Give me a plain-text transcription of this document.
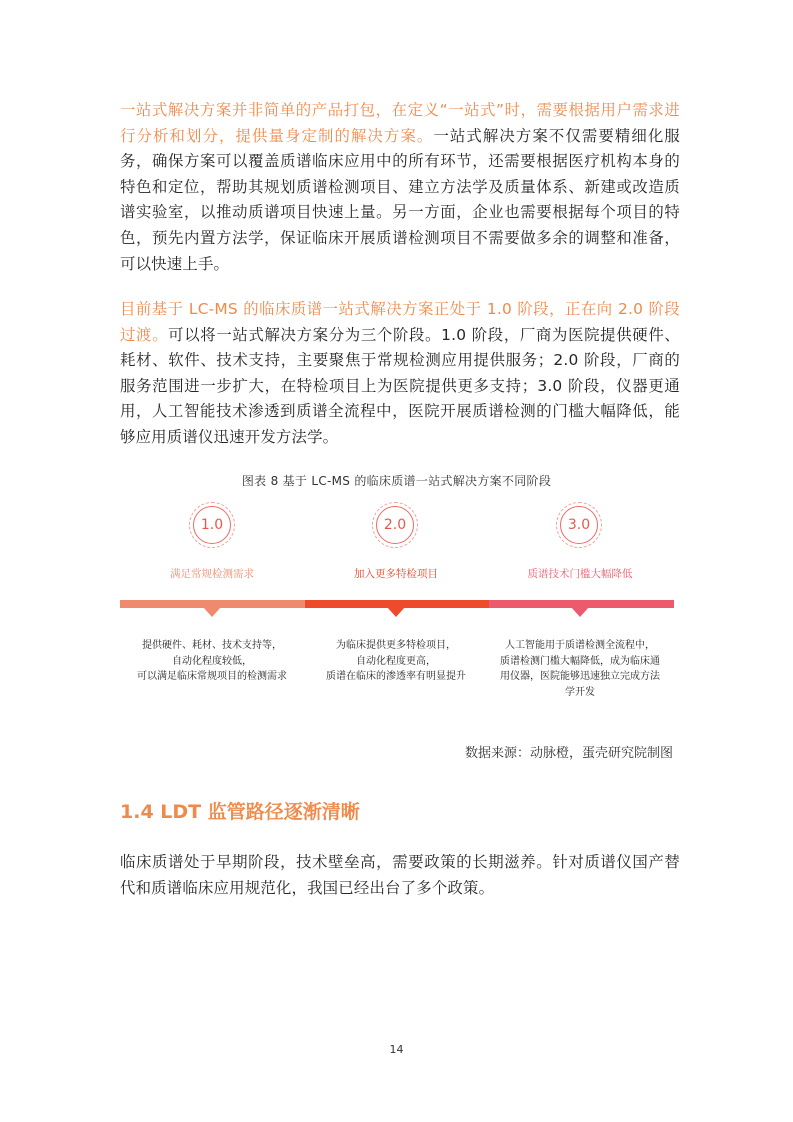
一站式解决方案并非简单的产品打包，在定义“一站式”时，需要根据用户需求进行分析和划分，提供量身定制的解决方案。一站式解决方案不仅需要精细化服务，确保方案可以覆盖质谱临床应用中的所有环节，还需要根据医疗机构本身的特色和定位，帮助其规划质谱检测项目、建立方法学及质量体系、新建或改造质谱实验室，以推动质谱项目快速上量。另一方面，企业也需要根据每个项目的特色，预先内置方法学，保证临床开展质谱检测项目不需要做多余的调整和准备，可以快速上手。
目前基于 LC-MS 的临床质谱一站式解决方案正处于 1.0 阶段，正在向 2.0 阶段过渡。可以将一站式解决方案分为三个阶段。1.0 阶段，厂商为医院提供硬件、耗材、软件、技术支持，主要聚焦于常规检测应用提供服务；2.0 阶段，厂商的服务范围进一步扩大，在特检项目上为医院提供更多支持；3.0 阶段，仪器更通用，人工智能技术渗透到质谱全流程中，医院开展质谱检测的门槛大幅降低，能够应用质谱仪迅速开发方法学。
图表 8 基于 LC-MS 的临床质谱一站式解决方案不同阶段
1.0
满足常规检测需求
2.0
加入更多特检项目
3.0
质谱技术门槛大幅降低
提供硬件、耗材、技术支持等，
自动化程度较低，
可以满足临床常规项目的检测需求
为临床提供更多特检项目，
自动化程度更高，
质谱在临床的渗透率有明显提升
人工智能用于质谱检测全流程中，
质谱检测门槛大幅降低，成为临床通
用仪器，医院能够迅速独立完成方法
学开发
数据来源：动脉橙，蛋壳研究院制图
1.4 LDT 监管路径逐渐清晰
临床质谱处于早期阶段，技术壁垒高，需要政策的长期滋养。针对质谱仪国产替代和质谱临床应用规范化，我国已经出台了多个政策。
14
